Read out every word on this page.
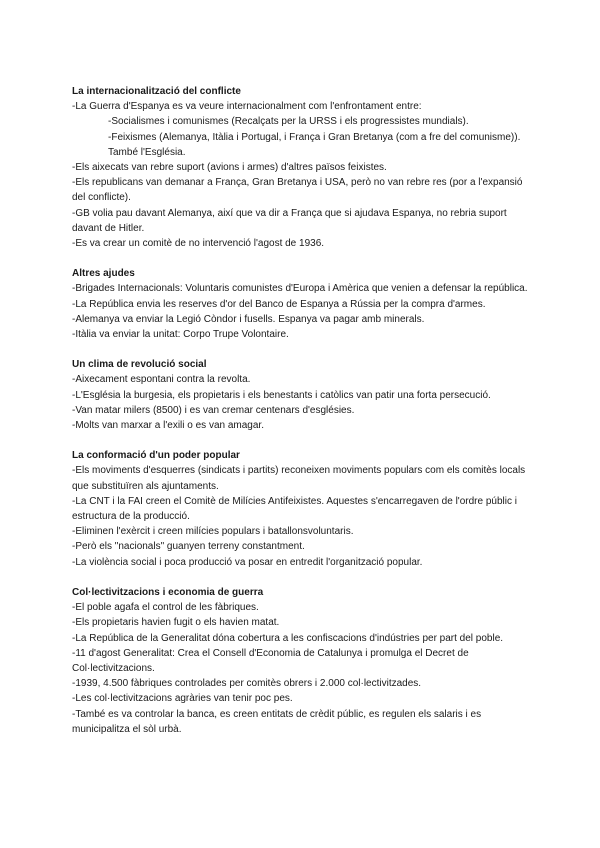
La internacionalització del conflicte

-La Guerra d'Espanya es va veure internacionalment com l'enfrontament entre:

-Socialismes i comunismes (Recalçats per la URSS i els progressistes mundials).

-Feixismes (Alemanya, Itàlia i Portugal, i França i Gran Bretanya (com a fre del comunisme)). També l'Església.

-Els aixecats van rebre suport (avions i armes) d'altres països feixistes.

-Els republicans van demanar a França, Gran Bretanya i USA, però no van rebre res (por a l'expansió del conflicte).

-GB volia pau davant Alemanya, així que va dir a França que si ajudava Espanya, no rebria suport davant de Hitler.

-Es va crear un comitè de no intervenció l'agost de 1936.

Altres ajudes

-Brigades Internacionals: Voluntaris comunistes d'Europa i Amèrica que venien a defensar la república.

-La República envia les reserves d'or del Banco de Espanya a Rússia per la compra d'armes.

-Alemanya va enviar la Legió Còndor i fusells. Espanya va pagar amb minerals.

-Itàlia va enviar la unitat: Corpo Trupe Volontaire.

Un clima de revolució social

-Aixecament espontani contra la revolta.

-L'Església la burgesia, els propietaris i els benestants i catòlics van patir una forta persecució.

-Van matar milers (8500) i es van cremar centenars d'esglésies.

-Molts van marxar a l'exili o es van amagar.

La conformació d'un poder popular

-Els moviments d'esquerres (sindicats i partits) reconeixen moviments populars com els comitès locals que substituïren als ajuntaments.

-La CNT i la FAI creen el Comitè de Milícies Antifeixistes. Aquestes s'encarregaven de l'ordre públic i estructura de la producció.

-Eliminen l'exèrcit i creen milícies populars i batallonsvoluntaris.

-Però els "nacionals" guanyen terreny constantment.

-La violència social i poca producció va posar en entredit l'organització popular.

Col·lectivitzacions i economia de guerra

-El poble agafa el control de les fàbriques.

-Els propietaris havien fugit o els havien matat.

-La República de la Generalitat dóna cobertura a les confiscacions d'indústries per part del poble.

-11 d'agost Generalitat: Crea el Consell d'Economia de Catalunya i promulga el Decret de Col·lectivitzacions.

-1939, 4.500 fàbriques controlades per comitès obrers i 2.000 col·lectivitzades.

-Les col·lectivitzacions agràries van tenir poc pes.

-També es va controlar la banca, es creen entitats de crèdit públic, es regulen els salaris i es municipalitza el sòl urbà.
